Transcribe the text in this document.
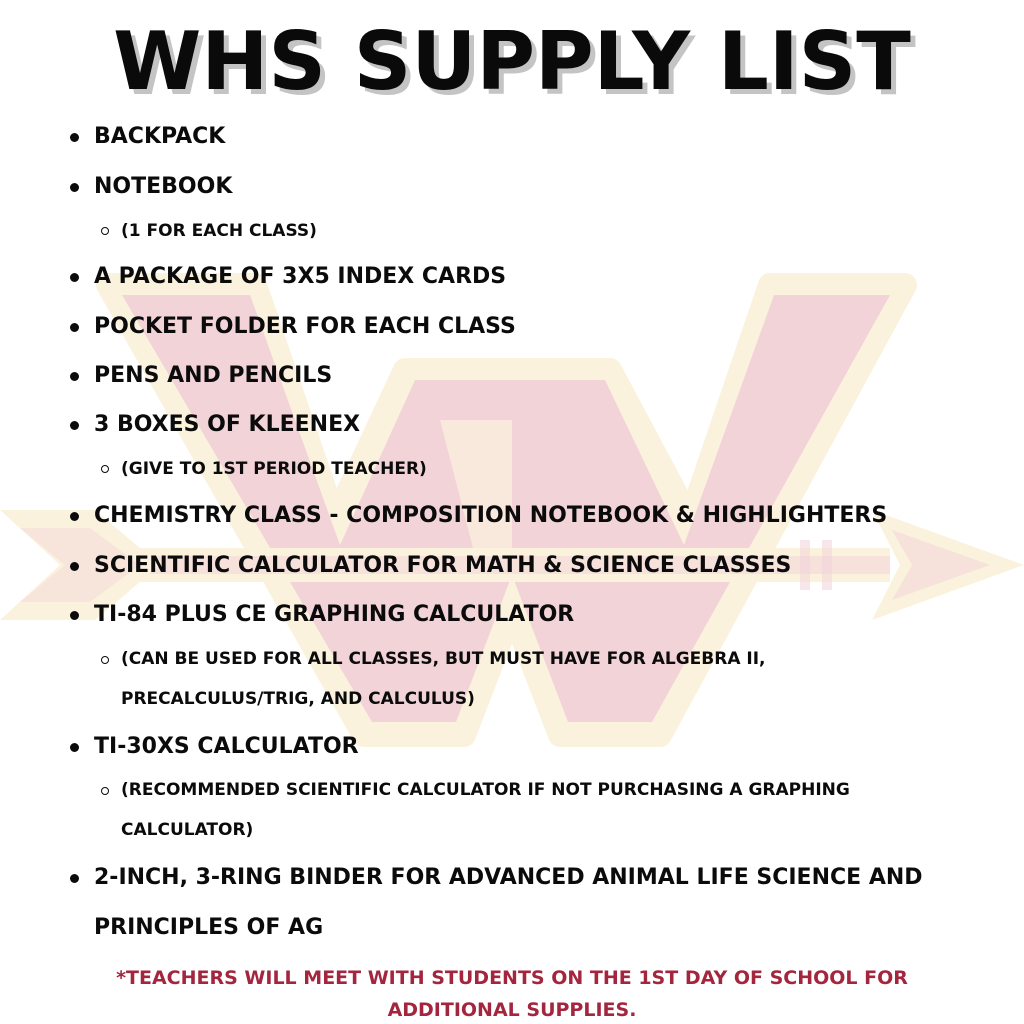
WHS SUPPLY LIST
BACKPACK
NOTEBOOK
(1 FOR EACH CLASS)
A PACKAGE OF 3X5 INDEX CARDS
POCKET FOLDER FOR EACH CLASS
PENS AND PENCILS
3 BOXES OF KLEENEX
(GIVE TO 1ST PERIOD TEACHER)
CHEMISTRY CLASS - COMPOSITION NOTEBOOK & HIGHLIGHTERS
SCIENTIFIC CALCULATOR FOR MATH & SCIENCE CLASSES
TI-84 PLUS CE GRAPHING CALCULATOR
(CAN BE USED FOR ALL CLASSES, BUT MUST HAVE FOR ALGEBRA II, PRECALCULUS/TRIG, AND CALCULUS)
TI-30XS CALCULATOR
(RECOMMENDED SCIENTIFIC CALCULATOR IF NOT PURCHASING A GRAPHING CALCULATOR)
2-INCH, 3-RING BINDER FOR ADVANCED ANIMAL LIFE SCIENCE AND PRINCIPLES OF AG
*TEACHERS WILL MEET WITH STUDENTS ON THE 1ST DAY OF SCHOOL FOR ADDITIONAL SUPPLIES.
